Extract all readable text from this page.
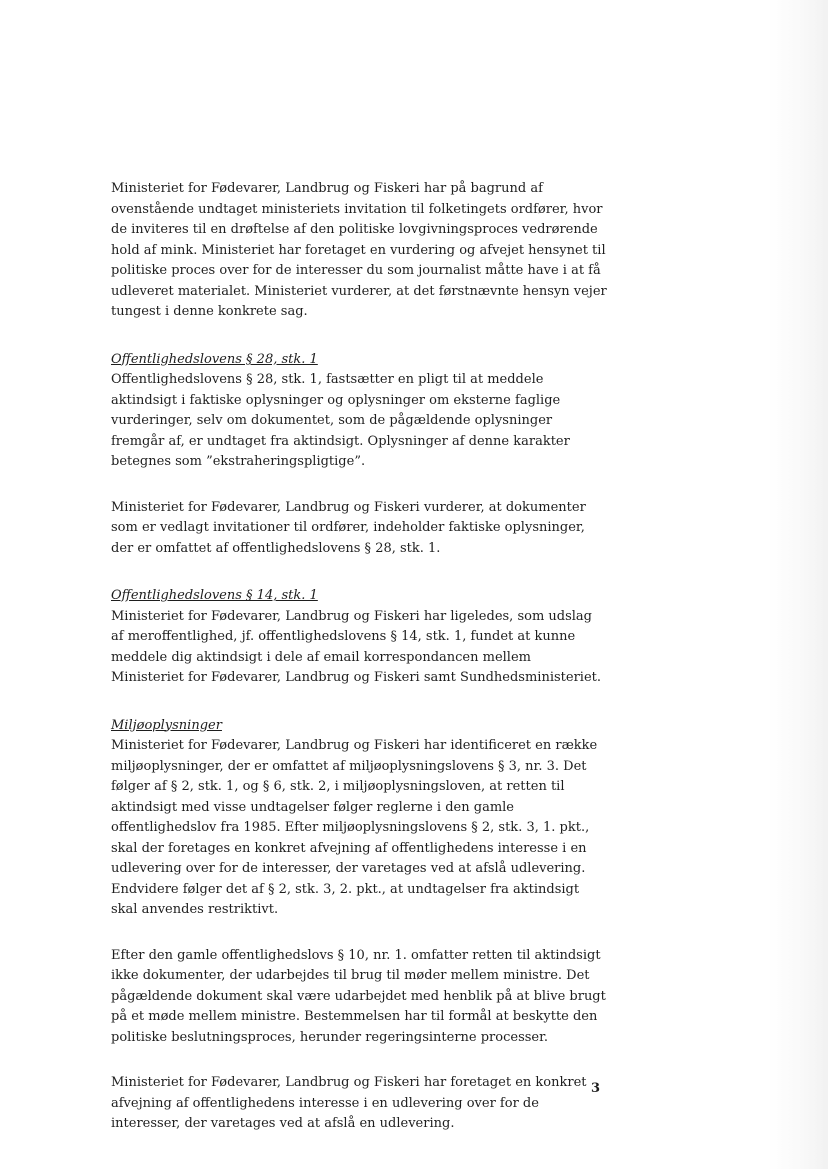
Ministeriet for Fødevarer, Landbrug og Fiskeri har på bagrund af ovenstående undtaget ministeriets invitation til folketingets ordfører, hvor de inviteres til en drøftelse af den politiske lovgivningsproces vedrørende hold af mink. Ministeriet har foretaget en vurdering og afvejet hensynet til politiske proces over for de interesser du som journalist måtte have i at få udleveret materialet. Ministeriet vurderer, at det førstnævnte hensyn vejer tungest i denne konkrete sag.

Offentlighedslovens § 28, stk. 1

Offentlighedslovens § 28, stk. 1, fastsætter en pligt til at meddele aktindsigt i faktiske oplysninger og oplysninger om eksterne faglige vurderinger, selv om dokumentet, som de pågældende oplysninger fremgår af, er undtaget fra aktindsigt. Oplysninger af denne karakter betegnes som ”ekstraheringspligtige”.

Ministeriet for Fødevarer, Landbrug og Fiskeri vurderer, at dokumenter som er vedlagt invitationer til ordfører, indeholder faktiske oplysninger, der er omfattet af offentlighedslovens § 28, stk. 1.

Offentlighedslovens § 14, stk. 1

Ministeriet for Fødevarer, Landbrug og Fiskeri har ligeledes, som udslag af meroffentlighed, jf. offentlighedslovens § 14, stk. 1, fundet at kunne meddele dig aktindsigt i dele af email korrespondancen mellem Ministeriet for Fødevarer, Landbrug og Fiskeri samt Sundhedsministeriet.

Miljøoplysninger

Ministeriet for Fødevarer, Landbrug og Fiskeri har identificeret en række miljøoplysninger, der er omfattet af miljøoplysningslovens § 3, nr. 3. Det følger af § 2, stk. 1, og § 6, stk. 2, i miljøoplysningsloven, at retten til aktindsigt med visse undtagelser følger reglerne i den gamle offentlighedslov fra 1985. Efter miljøoplysningslovens § 2, stk. 3, 1. pkt., skal der foretages en konkret afvejning af offentlighedens interesse i en udlevering over for de interesser, der varetages ved at afslå udlevering. Endvidere følger det af § 2, stk. 3, 2. pkt., at undtagelser fra aktindsigt skal anvendes restriktivt.

Efter den gamle offentlighedslovs § 10, nr. 1. omfatter retten til aktindsigt ikke dokumenter, der udarbejdes til brug til møder mellem ministre. Det pågældende dokument skal være udarbejdet med henblik på at blive brugt på et møde mellem ministre. Bestemmelsen har til formål at beskytte den politiske beslutningsproces, herunder regeringsinterne processer.

Ministeriet for Fødevarer, Landbrug og Fiskeri har foretaget en konkret afvejning af offentlighedens interesse i en udlevering over for de interesser, der varetages ved at afslå en udlevering.

3
